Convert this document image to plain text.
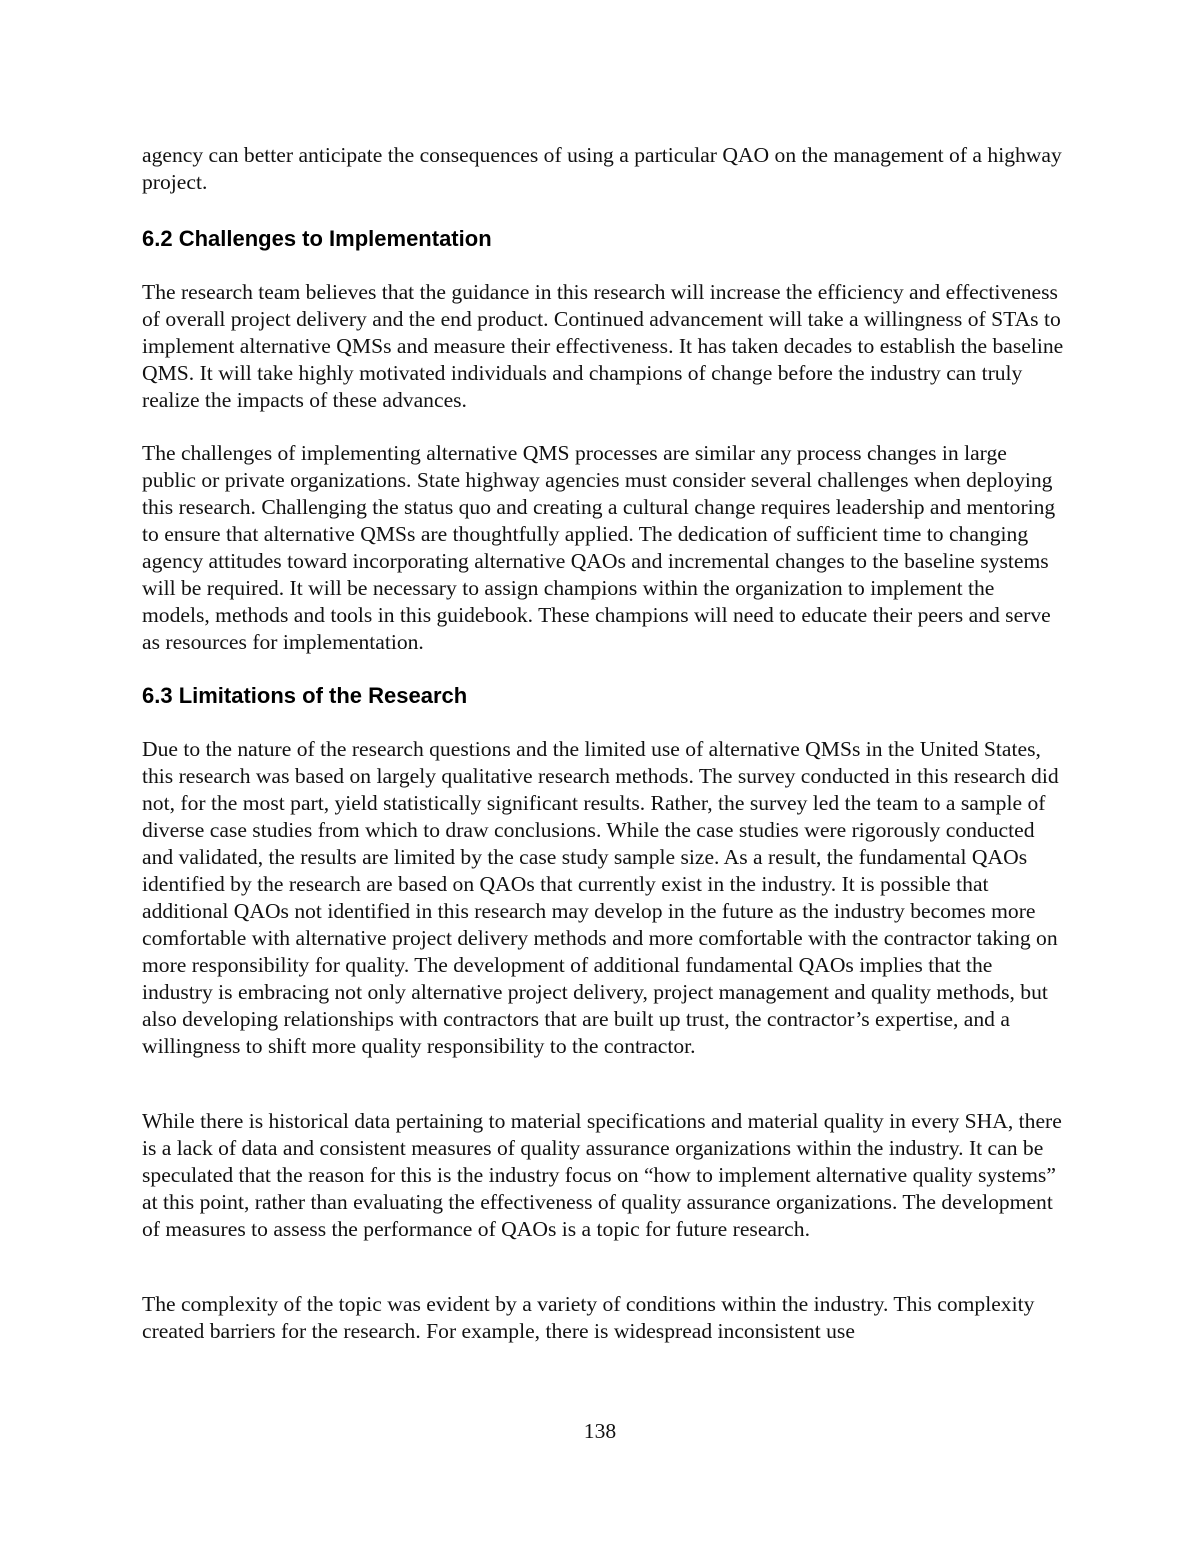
agency can better anticipate the consequences of using a particular QAO on the management of a highway project.

6.2 Challenges to Implementation

The research team believes that the guidance in this research will increase the efficiency and effectiveness of overall project delivery and the end product. Continued advancement will take a willingness of STAs to implement alternative QMSs and measure their effectiveness. It has taken decades to establish the baseline QMS. It will take highly motivated individuals and champions of change before the industry can truly realize the impacts of these advances.

The challenges of implementing alternative QMS processes are similar any process changes in large public or private organizations. State highway agencies must consider several challenges when deploying this research. Challenging the status quo and creating a cultural change requires leadership and mentoring to ensure that alternative QMSs are thoughtfully applied. The dedication of sufficient time to changing agency attitudes toward incorporating alternative QAOs and incremental changes to the baseline systems will be required. It will be necessary to assign champions within the organization to implement the models, methods and tools in this guidebook. These champions will need to educate their peers and serve as resources for implementation.

6.3 Limitations of the Research

Due to the nature of the research questions and the limited use of alternative QMSs in the United States, this research was based on largely qualitative research methods. The survey conducted in this research did not, for the most part, yield statistically significant results. Rather, the survey led the team to a sample of diverse case studies from which to draw conclusions. While the case studies were rigorously conducted and validated, the results are limited by the case study sample size. As a result, the fundamental QAOs identified by the research are based on QAOs that currently exist in the industry. It is possible that additional QAOs not identified in this research may develop in the future as the industry becomes more comfortable with alternative project delivery methods and more comfortable with the contractor taking on more responsibility for quality. The development of additional fundamental QAOs implies that the industry is embracing not only alternative project delivery, project management and quality methods, but also developing relationships with contractors that are built up trust, the contractor’s expertise, and a willingness to shift more quality responsibility to the contractor.

While there is historical data pertaining to material specifications and material quality in every SHA, there is a lack of data and consistent measures of quality assurance organizations within the industry. It can be speculated that the reason for this is the industry focus on “how to implement alternative quality systems” at this point, rather than evaluating the effectiveness of quality assurance organizations. The development of measures to assess the performance of QAOs is a topic for future research.

The complexity of the topic was evident by a variety of conditions within the industry. This complexity created barriers for the research. For example, there is widespread inconsistent use

138
